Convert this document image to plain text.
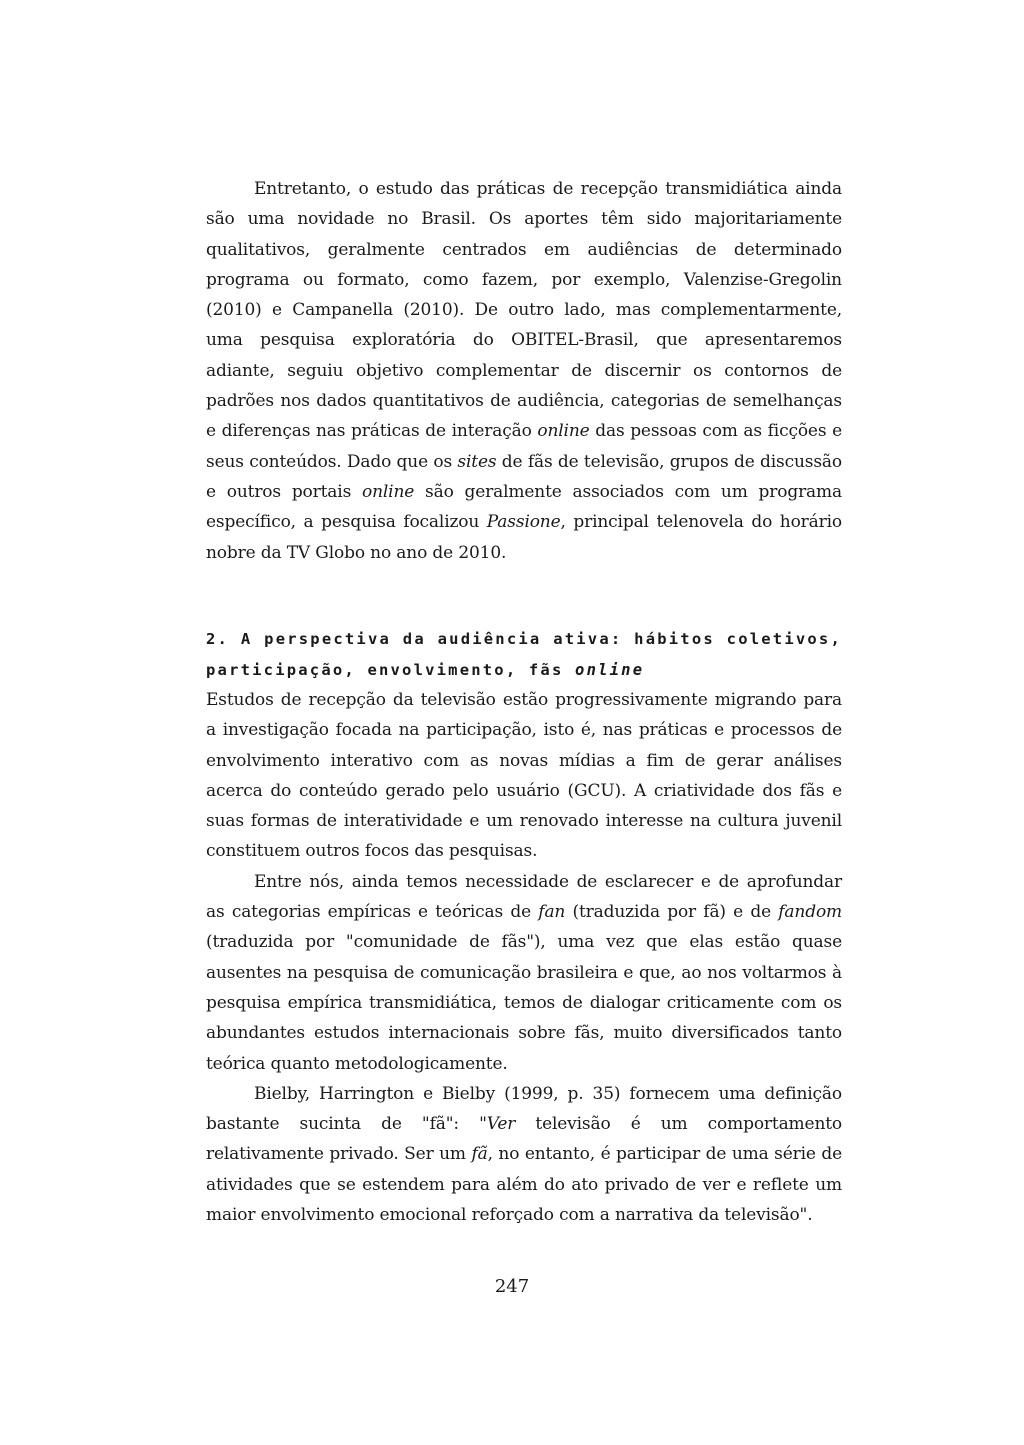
Entretanto, o estudo das práticas de recepção transmidiática ainda são uma novidade no Brasil. Os aportes têm sido majoritariamente qualitativos, geralmente centrados em audiências de determinado programa ou formato, como fazem, por exemplo, Valenzise-Gregolin (2010) e Campanella (2010). De outro lado, mas complementarmente, uma pesquisa exploratória do OBITEL-Brasil, que apresentaremos adiante, seguiu objetivo complementar de discernir os contornos de padrões nos dados quantitativos de audiência, categorias de semelhanças e diferenças nas práticas de interação online das pessoas com as ficções e seus conteúdos. Dado que os sites de fãs de televisão, grupos de discussão e outros portais online são geralmente associados com um programa específico, a pesquisa focalizou Passione, principal telenovela do horário nobre da TV Globo no ano de 2010.

2. A perspectiva da audiência ativa: hábitos coletivos, participação, envolvimento, fãs online

Estudos de recepção da televisão estão progressivamente migrando para a investigação focada na participação, isto é, nas práticas e processos de envolvimento interativo com as novas mídias a fim de gerar análises acerca do conteúdo gerado pelo usuário (GCU). A criatividade dos fãs e suas formas de interatividade e um renovado interesse na cultura juvenil constituem outros focos das pesquisas.

Entre nós, ainda temos necessidade de esclarecer e de aprofundar as categorias empíricas e teóricas de fan (traduzida por fã) e de fandom (traduzida por "comunidade de fãs"), uma vez que elas estão quase ausentes na pesquisa de comunicação brasileira e que, ao nos voltarmos à pesquisa empírica transmidiática, temos de dialogar criticamente com os abundantes estudos internacionais sobre fãs, muito diversificados tanto teórica quanto metodologicamente.

Bielby, Harrington e Bielby (1999, p. 35) fornecem uma definição bastante sucinta de "fã": "Ver televisão é um comportamento relativamente privado. Ser um fã, no entanto, é participar de uma série de atividades que se estendem para além do ato privado de ver e reflete um maior envolvimento emocional reforçado com a narrativa da televisão".

247
